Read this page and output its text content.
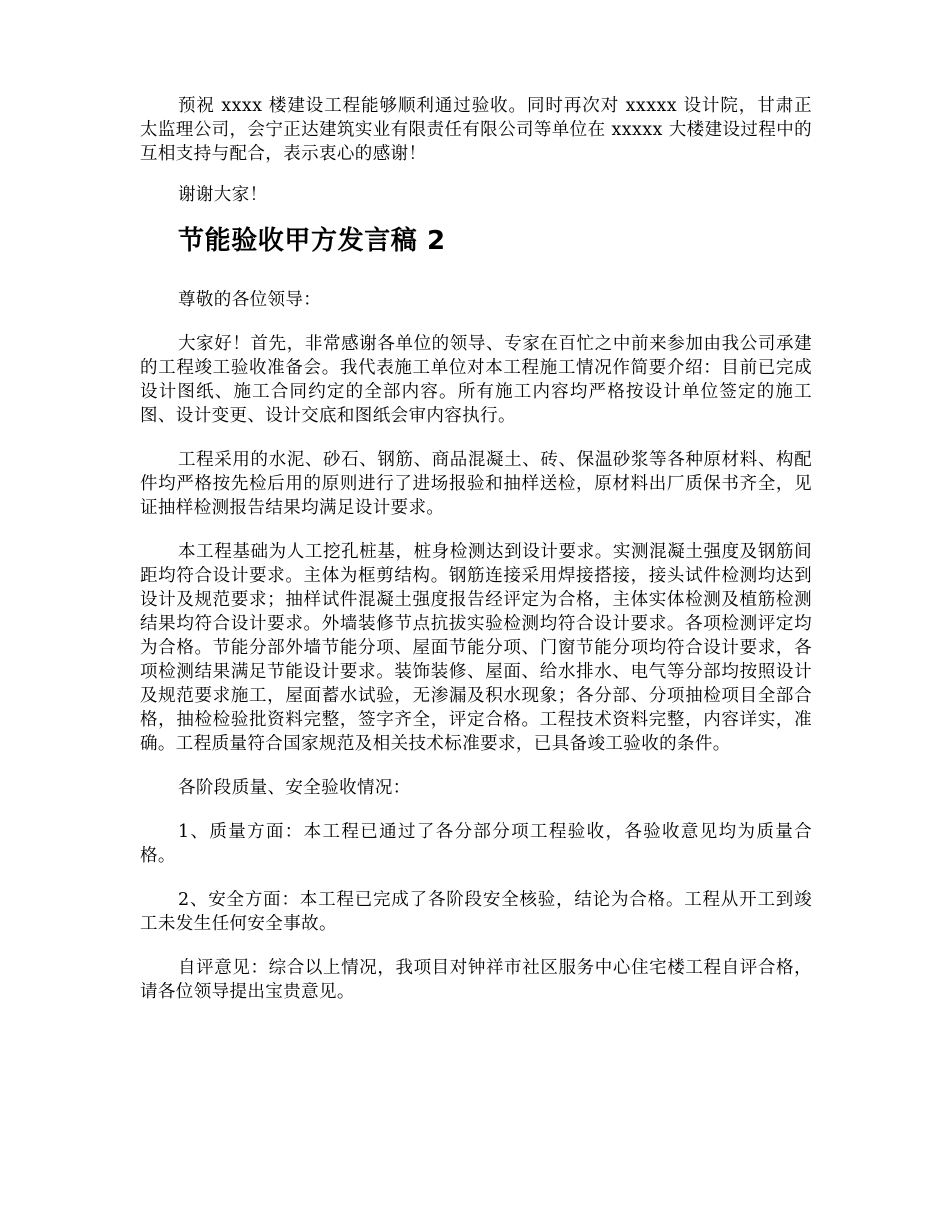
预祝 xxxx 楼建设工程能够顺利通过验收。同时再次对 xxxxx 设计院，甘肃正太监理公司，会宁正达建筑实业有限责任有限公司等单位在 xxxxx 大楼建设过程中的互相支持与配合，表示衷心的感谢！

谢谢大家！

节能验收甲方发言稿 2

尊敬的各位领导：

大家好！首先，非常感谢各单位的领导、专家在百忙之中前来参加由我公司承建的工程竣工验收准备会。我代表施工单位对本工程施工情况作简要介绍：目前已完成设计图纸、施工合同约定的全部内容。所有施工内容均严格按设计单位签定的施工图、设计变更、设计交底和图纸会审内容执行。

工程采用的水泥、砂石、钢筋、商品混凝土、砖、保温砂浆等各种原材料、构配件均严格按先检后用的原则进行了进场报验和抽样送检，原材料出厂质保书齐全，见证抽样检测报告结果均满足设计要求。

本工程基础为人工挖孔桩基，桩身检测达到设计要求。实测混凝土强度及钢筋间距均符合设计要求。主体为框剪结构。钢筋连接采用焊接搭接，接头试件检测均达到设计及规范要求；抽样试件混凝土强度报告经评定为合格，主体实体检测及植筋检测结果均符合设计要求。外墙装修节点抗拔实验检测均符合设计要求。各项检测评定均为合格。节能分部外墙节能分项、屋面节能分项、门窗节能分项均符合设计要求，各项检测结果满足节能设计要求。装饰装修、屋面、给水排水、电气等分部均按照设计及规范要求施工，屋面蓄水试验，无渗漏及积水现象；各分部、分项抽检项目全部合格，抽检检验批资料完整，签字齐全，评定合格。工程技术资料完整，内容详实，准确。工程质量符合国家规范及相关技术标准要求，已具备竣工验收的条件。

各阶段质量、安全验收情况：

1、质量方面：本工程已通过了各分部分项工程验收，各验收意见均为质量合格。

2、安全方面：本工程已完成了各阶段安全核验，结论为合格。工程从开工到竣工未发生任何安全事故。

自评意见：综合以上情况，我项目对钟祥市社区服务中心住宅楼工程自评合格，请各位领导提出宝贵意见。
